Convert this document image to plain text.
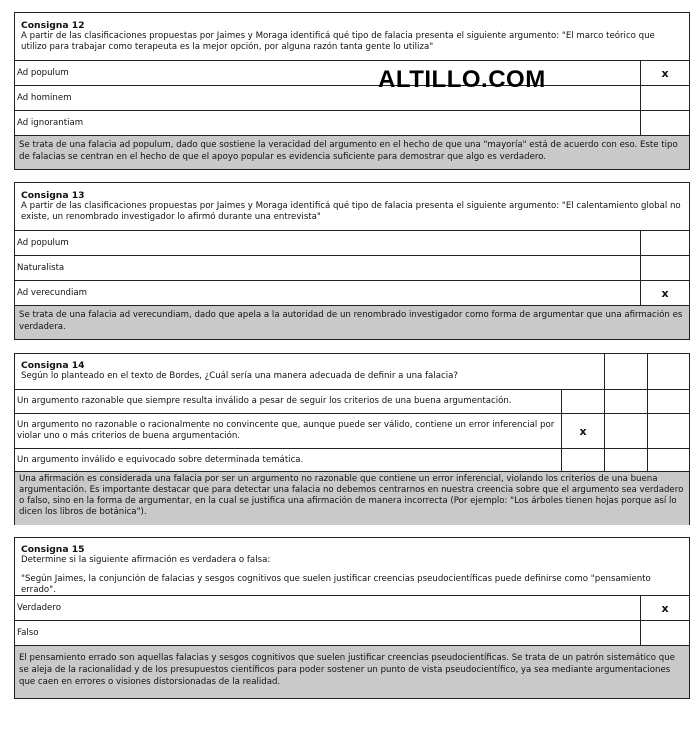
Consigna 12
A partir de las clasificaciones propuestas por Jaimes y Moraga identificá qué tipo de falacia presenta el siguiente argumento: "El marco teórico que utilizo para trabajar como terapeuta es la mejor opción, por alguna razón tanta gente lo utiliza"
Ad populum	x
Ad hominem
Ad ignorantiam
Se trata de una falacia ad populum, dado que sostiene la veracidad del argumento en el hecho de que una "mayoría" está de acuerdo con eso. Este tipo de falacias se centran en el hecho de que el apoyo popular es evidencia suficiente para demostrar que algo es verdadero.
ALTILLO.COM
Consigna 13
A partir de las clasificaciones propuestas por Jaimes y Moraga identificá qué tipo de falacia presenta el siguiente argumento: "El calentamiento global no existe, un renombrado investigador lo afirmó durante una entrevista"
Ad populum
Naturalista
Ad verecundiam	x
Se trata de una falacia ad verecundiam, dado que apela a la autoridad de un renombrado investigador como forma de argumentar que una afirmación es verdadera.
Consigna 14
Según lo planteado en el texto de Bordes, ¿Cuál sería una manera adecuada de definir a una falacia?
Un argumento razonable que siempre resulta inválido a pesar de seguir los criterios de una buena argumentación.
Un argumento no razonable o racionalmente no convincente que, aunque puede ser válido, contiene un error inferencial por violar uno o más criterios de buena argumentación.	x
Un argumento inválido e equivocado sobre determinada temática.
Una afirmación es considerada una falacia por ser un argumento no razonable que contiene un error inferencial, violando los criterios de una buena argumentación. Es importante destacar que para detectar una falacia no debemos centrarnos en nuestra creencia sobre que el argumento sea verdadero o falso, sino en la forma de argumentar, en la cual se justifica una afirmación de manera incorrecta (Por ejemplo: "Los árboles tienen hojas porque así lo dicen los libros de botánica").
Consigna 15
Determine si la siguiente afirmación es verdadera o falsa:
"Según Jaimes, la conjunción de falacias y sesgos cognitivos que suelen justificar creencias pseudocientíficas puede definirse como "pensamiento errado".
Verdadero	x
Falso
El pensamiento errado son aquellas falacias y sesgos cognitivos que suelen justificar creencias pseudocientíficas. Se trata de un patrón sistemático que se aleja de la racionalidad y de los presupuestos científicos para poder sostener un punto de vista pseudocientífico, ya sea mediante argumentaciones que caen en errores o visiones distorsionadas de la realidad.
